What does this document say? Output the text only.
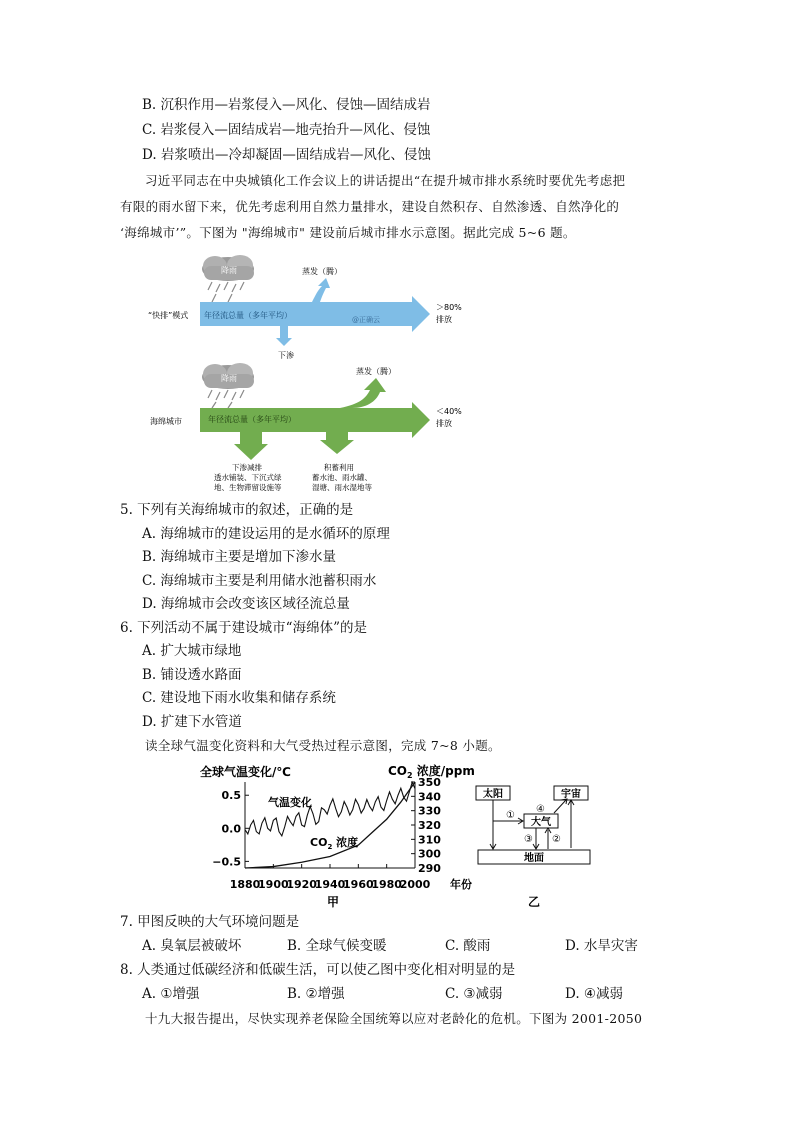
B. 沉积作用—岩浆侵入—风化、侵蚀—固结成岩
C. 岩浆侵入—固结成岩—地壳抬升—风化、侵蚀
D. 岩浆喷出—冷却凝固—固结成岩—风化、侵蚀
习近平同志在中央城镇化工作会议上的讲话提出“在提升城市排水系统时要优先考虑把
有限的雨水留下来，优先考虑利用自然力量排水，建设自然积存、自然渗透、自然净化的
‘海绵城市’”。下图为 "海绵城市" 建设前后城市排水示意图。据此完成 5~6 题。
降雨	蒸发（腾）
“快排”模式 年径流总量（多年平均）	@正确云
＞80%
排放
下渗
降雨
蒸发（腾）
海绵城市	年径流总量（多年平均）
＜40%
排放
下渗减排
透水铺装、下沉式绿
地、生物滞留设施等
积蓄利用
蓄水池、雨水罐、
湿塘、雨水湿地等
5. 下列有关海绵城市的叙述，正确的是
A. 海绵城市的建设运用的是水循环的原理
B. 海绵城市主要是增加下渗水量
C. 海绵城市主要是利用储水池蓄积雨水
D. 海绵城市会改变该区域径流总量
6. 下列活动不属于建设城市“海绵体”的是
A. 扩大城市绿地
B. 铺设透水路面
C. 建设地下雨水收集和储存系统
D. 扩建下水管道
读全球气温变化资料和大气受热过程示意图，完成 7~8 小题。
全球气温变化/℃	$CO_2$ 浓度/ppm
0.5
0.0
−0.5
350
340
330
320
310
300
290
1880
1900
1920
1940
1960
1980
2000
气温变化
$CO_2$ 浓度
年份
甲
太阳	宇宙
大气
地面
①
④
③ ②
乙
7. 甲图反映的大气环境问题是
A. 臭氧层被破坏	B. 全球气候变暖	C. 酸雨	D. 水旱灾害
8. 人类通过低碳经济和低碳生活，可以使乙图中变化相对明显的是
A. ①增强	B. ②增强	C. ③减弱	D. ④减弱
十九大报告提出，尽快实现养老保险全国统筹以应对老龄化的危机。下图为 2001-2050
